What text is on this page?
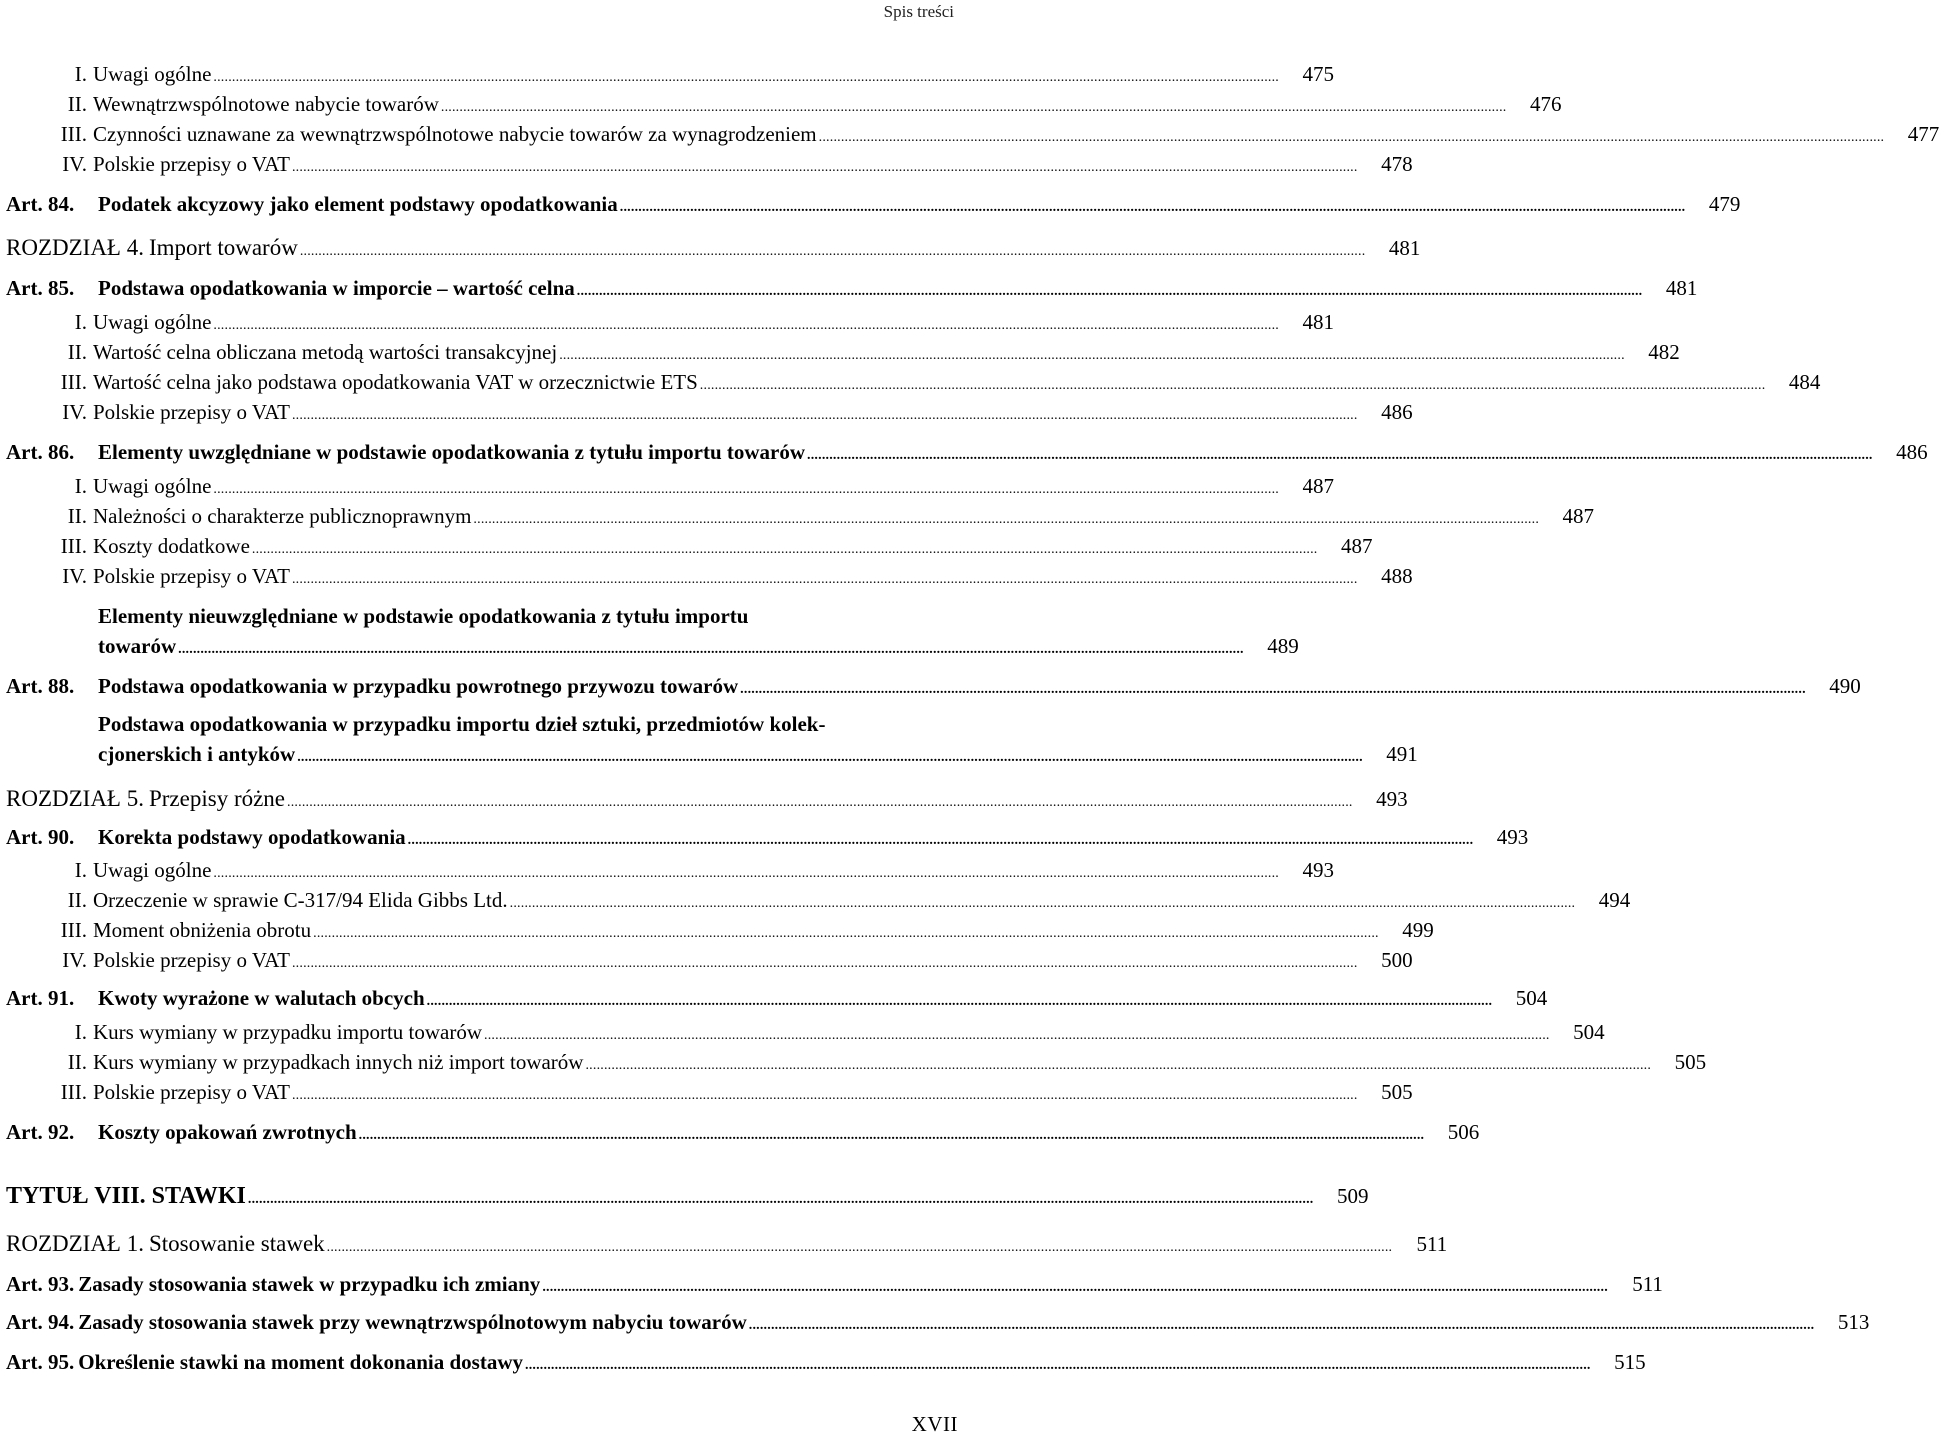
Spis treści
I. Uwagi ogólne .....	475
II. Wewnątrzwspólnotowe nabycie towarów .....	476
III. Czynności uznawane za wewnątrzwspólnotowe nabycie towarów za wynagrodzeniem .....	477
IV. Polskie przepisy o VAT .....	478
Art. 84.	Podatek akcyzowy jako element podstawy opodatkowania .....	479
ROZDZIAŁ 4. Import towarów .....	481
Art. 85.	Podstawa opodatkowania w imporcie – wartość celna .....	481
I. Uwagi ogólne .....	481
II. Wartość celna obliczana metodą wartości transakcyjnej .....	482
III. Wartość celna jako podstawa opodatkowania VAT w orzecznictwie ETS .....	484
IV. Polskie przepisy o VAT .....	486
Art. 86.	Elementy uwzględniane w podstawie opodatkowania z tytułu importu towarów .....	486
I. Uwagi ogólne .....	487
II. Należności o charakterze publicznoprawnym .....	487
III. Koszty dodatkowe .....	487
IV. Polskie przepisy o VAT .....	488
Elementy nieuwzględniane w podstawie opodatkowania z tytułu importu
towarów .....	489
Art. 88.	Podstawa opodatkowania w przypadku powrotnego przywozu towarów .....	490
Podstawa opodatkowania w przypadku importu dzieł sztuki, przedmiotów kolek-
cjonerskich i antyków .....	491
ROZDZIAŁ 5. Przepisy różne .....	493
Art. 90.	Korekta podstawy opodatkowania .....	493
I. Uwagi ogólne .....	493
II. Orzeczenie w sprawie C-317/94 Elida Gibbs Ltd. .....	494
III. Moment obniżenia obrotu .....	499
IV. Polskie przepisy o VAT .....	500
Art. 91.	Kwoty wyrażone w walutach obcych .....	504
I. Kurs wymiany w przypadku importu towarów .....	504
II. Kurs wymiany w przypadkach innych niż import towarów .....	505
III. Polskie przepisy o VAT .....	505
Art. 92.	Koszty opakowań zwrotnych .....	506
TYTUŁ VIII. STAWKI .....	509
ROZDZIAŁ 1. Stosowanie stawek .....	511
Art. 93. Zasady stosowania stawek w przypadku ich zmiany .....	511
Art. 94. Zasady stosowania stawek przy wewnątrzwspólnotowym nabyciu towarów .....	513
Art. 95. Określenie stawki na moment dokonania dostawy .....	515
XVII
